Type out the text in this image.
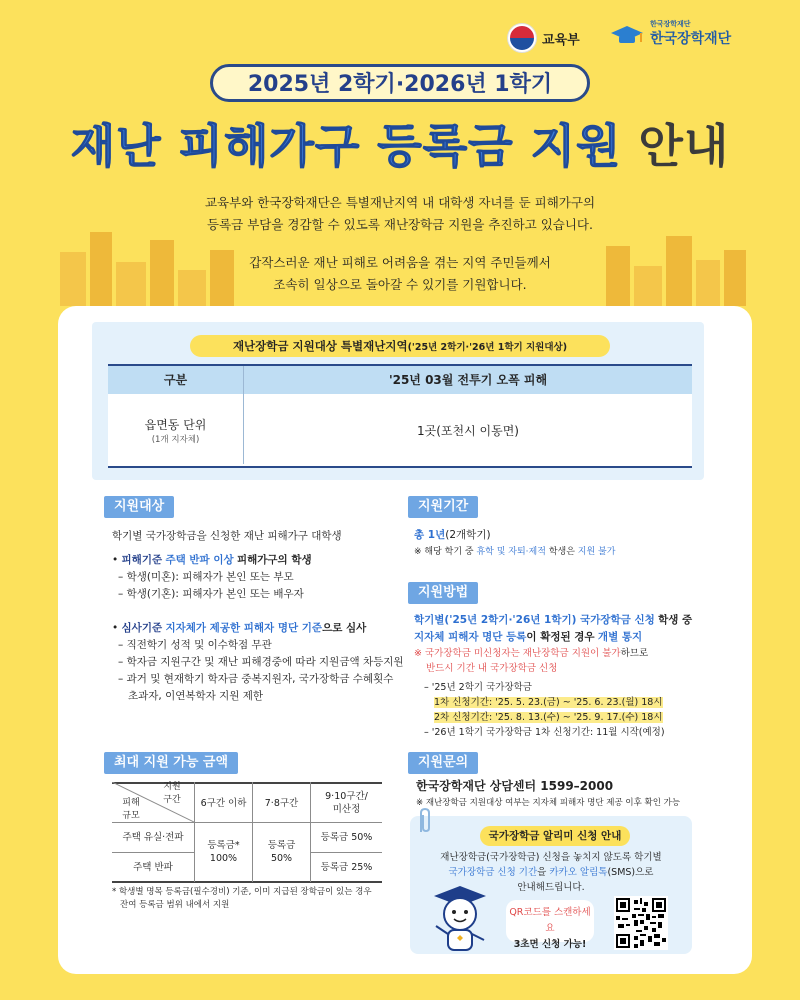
교육부
한국장학재단
한국장학재단
2025년 2학기·2026년 1학기
재난 피해가구 등록금 지원 안내
교육부와 한국장학재단은 특별재난지역 내 대학생 자녀를 둔 피해가구의
등록금 부담을 경감할 수 있도록 재난장학금 지원을 추진하고 있습니다.
갑작스러운 재난 피해로 어려움을 겪는 지역 주민들께서
조속히 일상으로 돌아갈 수 있기를 기원합니다.
재난장학금 지원대상 특별재난지역('25년 2학기·'26년 1학기 지원대상)
구분	'25년 03월 전투기 오폭 피해
읍면동 단위
(1개 지자체)
1곳(포천시 이동면)
지원대상
학기별 국가장학금을 신청한 재난 피해가구 대학생
• 피해기준 주택 반파 이상 피해가구의 학생
– 학생(미혼): 피해자가 본인 또는 부모
– 학생(기혼): 피해자가 본인 또는 배우자
• 심사기준 지자체가 제공한 피해자 명단 기준으로 심사
– 직전학기 성적 및 이수학점 무관
– 학자금 지원구간 및 재난 피해경중에 따라 지원금액 차등지원
– 과거 및 현재학기 학자금 중복지원자, 국가장학금 수혜횟수
초과자, 이연복학자 지원 제한
최대 지원 가능 금액
지원
구간
피해
규모
6구간 이하	7·8구간
9·10구간/
미산정
주택 유실·전파
주택 반파
등록금*
100%
등록금
50%
등록금 50%
등록금 25%
* 학생별 명목 등록금(필수경비) 기준, 이미 지급된 장학금이 있는 경우
잔여 등록금 범위 내에서 지원
지원기간
총 1년(2개학기)
※ 해당 학기 중 휴학 및 자퇴·제적 학생은 지원 불가
지원방법
학기별('25년 2학기·'26년 1학기) 국가장학금 신청 학생 중
지자체 피해자 명단 등록이 확정된 경우 개별 통지
※ 국가장학금 미신청자는 재난장학금 지원이 불가하므로
반드시 기간 내 국가장학금 신청
– '25년 2학기 국가장학금
1차 신청기간: '25. 5. 23.(금) ~ '25. 6. 23.(월) 18시
2차 신청기간: '25. 8. 13.(수) ~ '25. 9. 17.(수) 18시
– '26년 1학기 국가장학금 1차 신청기간: 11월 시작(예정)
지원문의
한국장학재단 상담센터 1599–2000
※ 재난장학금 지원대상 여부는 지자체 피해자 명단 제공 이후 확인 가능
국가장학금 알리미 신청 안내
재난장학금(국가장학금) 신청을 놓치지 않도록 학기별
국가장학금 신청 기간을 카카오 알림톡(SMS)으로
안내해드립니다.
QR코드를 스캔하세요
3초면 신청 가능!
